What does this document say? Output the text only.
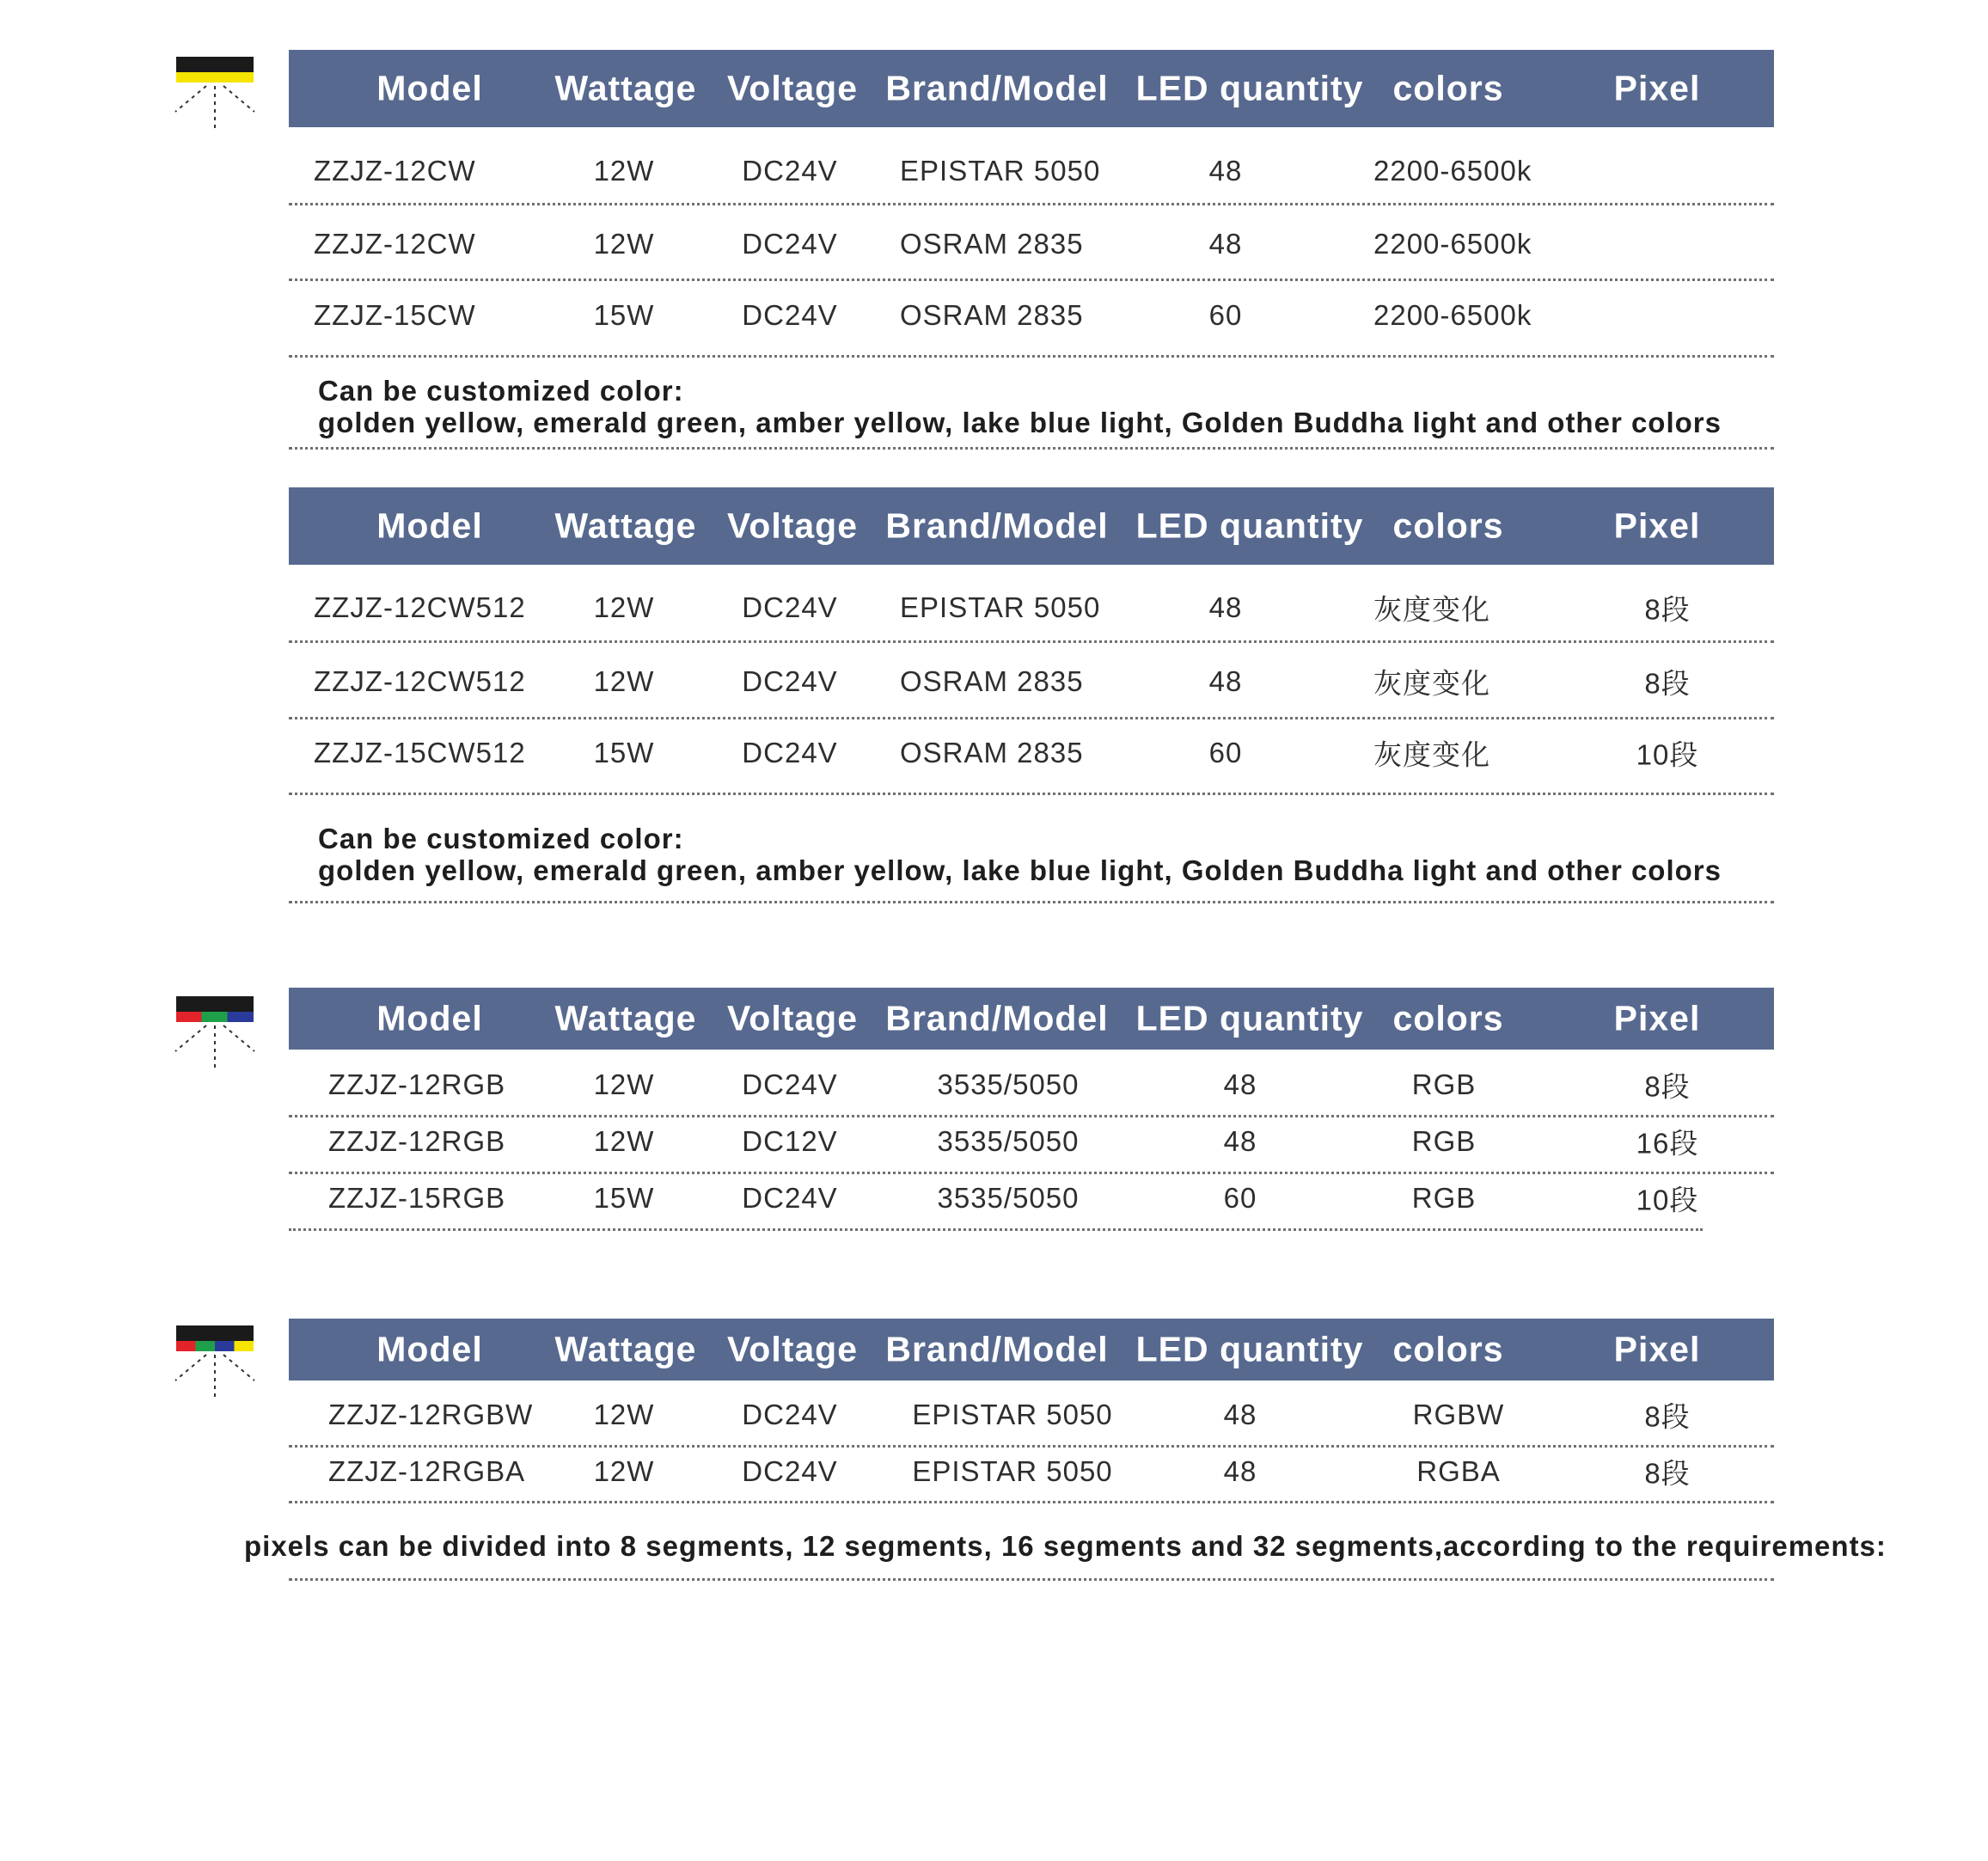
Model Wattage Voltage Brand/Model LED quantity colors	Pixel
ZZJZ-12CW	12W	DC24V EPISTAR 5050	48	2200-6500k
ZZJZ-12CW	12W	DC24V OSRAM 2835	48	2200-6500k
ZZJZ-15CW	15W	DC24V OSRAM 2835	60	2200-6500k
Can be customized color:
golden yellow, emerald green, amber yellow, lake blue light, Golden Buddha light and other colors
Model Wattage Voltage Brand/Model LED quantity colors	Pixel
ZZJZ-12CW512 12W	DC24V EPISTAR 5050	48	灰度变化	8段
ZZJZ-12CW512 12W	DC24V OSRAM 2835	48	灰度变化	8段
ZZJZ-15CW512 15W	DC24V OSRAM 2835	60	灰度变化	10段
Can be customized color:
golden yellow, emerald green, amber yellow, lake blue light, Golden Buddha light and other colors
Model Wattage Voltage Brand/Model LED quantity colors	Pixel
ZZJZ-12RGB	12W	DC24V	3535/5050	48	RGB	8段
ZZJZ-12RGB	12W	DC12V	3535/5050	48	RGB	16段
ZZJZ-15RGB	15W	DC24V	3535/5050	60	RGB	10段
Model Wattage Voltage Brand/Model LED quantity colors	Pixel
ZZJZ-12RGBW 12W	DC24V	EPISTAR 5050	48	RGBW	8段
ZZJZ-12RGBA 12W	DC24V	EPISTAR 5050	48	RGBA	8段
pixels can be divided into 8 segments, 12 segments, 16 segments and 32 segments,according to the requirements:
